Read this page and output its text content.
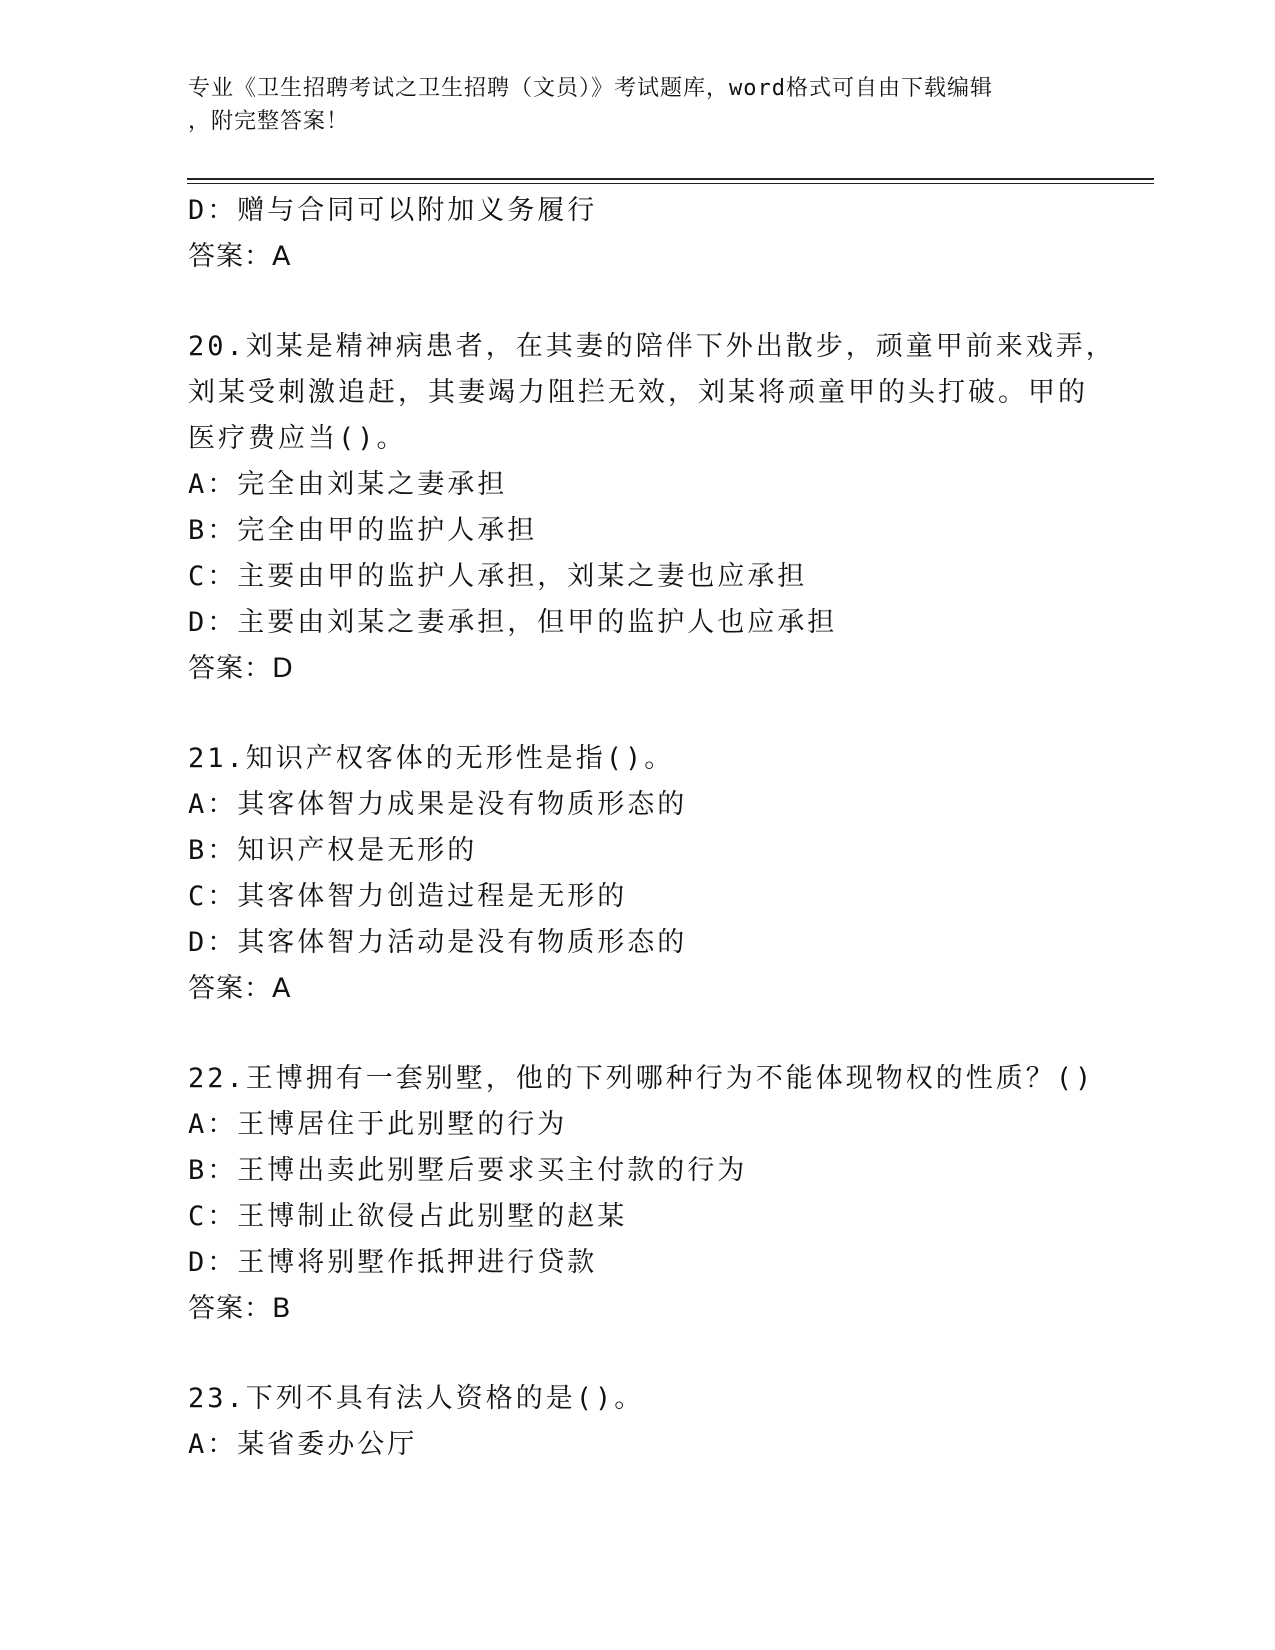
专业《卫生招聘考试之卫生招聘（文员）》考试题库，word格式可自由下载编辑
，附完整答案！
D：赠与合同可以附加义务履行
答案：A
20.刘某是精神病患者，在其妻的陪伴下外出散步，顽童甲前来戏弄，
刘某受刺激追赶，其妻竭力阻拦无效，刘某将顽童甲的头打破。甲的
医疗费应当()。
A：完全由刘某之妻承担
B：完全由甲的监护人承担
C：主要由甲的监护人承担，刘某之妻也应承担
D：主要由刘某之妻承担，但甲的监护人也应承担
答案：D
21.知识产权客体的无形性是指()。
A：其客体智力成果是没有物质形态的
B：知识产权是无形的
C：其客体智力创造过程是无形的
D：其客体智力活动是没有物质形态的
答案：A
22.王博拥有一套别墅，他的下列哪种行为不能体现物权的性质？()
A：王博居住于此别墅的行为
B：王博出卖此别墅后要求买主付款的行为
C：王博制止欲侵占此别墅的赵某
D：王博将别墅作抵押进行贷款
答案：B
23.下列不具有法人资格的是()。
A：某省委办公厅
